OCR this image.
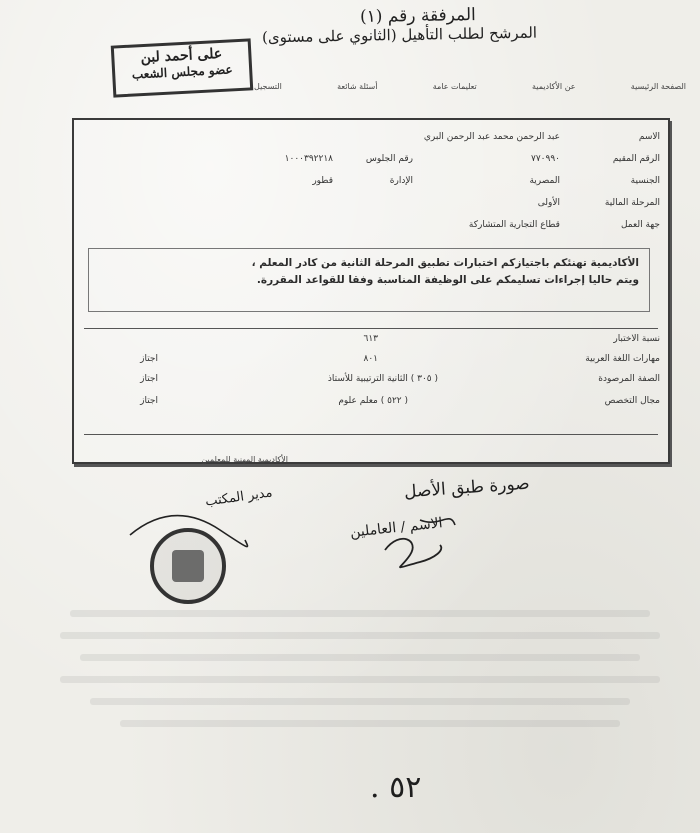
المرفقة رقم (١)
المرشح لطلب التأهيل (الثانوي على مستوى)
على أحمد لبن
عضو مجلس الشعب
الصفحة الرئيسية
عن الأكاديمية
تعليمات عامة
أسئلة شائعة
التسجيل
الاسم
عبد الرحمن محمد عبد الرحمن البري
الرقم المقيم
٧٧٠٩٩٠
رقم الجلوس
١٠٠٠٣٩٢٢١٨
الجنسية
المصرية
الإدارة
قطور
المرحلة المالية
الأولى
جهة العمل
قطاع التجارية المتشاركة
الأكاديمية تهنئكم باجتيازكم اختبارات تطبيق المرحلة الثانية من كادر المعلم ،
ويتم حاليا إجراءات تسليمكم على الوظيفة المناسبة وفقا للقواعد المقررة.
نسبة الاختبار
٦١٣
مهارات اللغة العربية
٨٠١
اجتاز
الصفة المرصودة
( ٣٠٥ ) الثانية الترتيبية للأستاذ
اجتاز
مجال التخصص
( ٥٢٢ ) معلم علوم
اجتاز
الأكاديمية المهنية للمعلمين
صورة طبق الأصل
مدير المكتب
الاسم / العاملين
٥٢ .
